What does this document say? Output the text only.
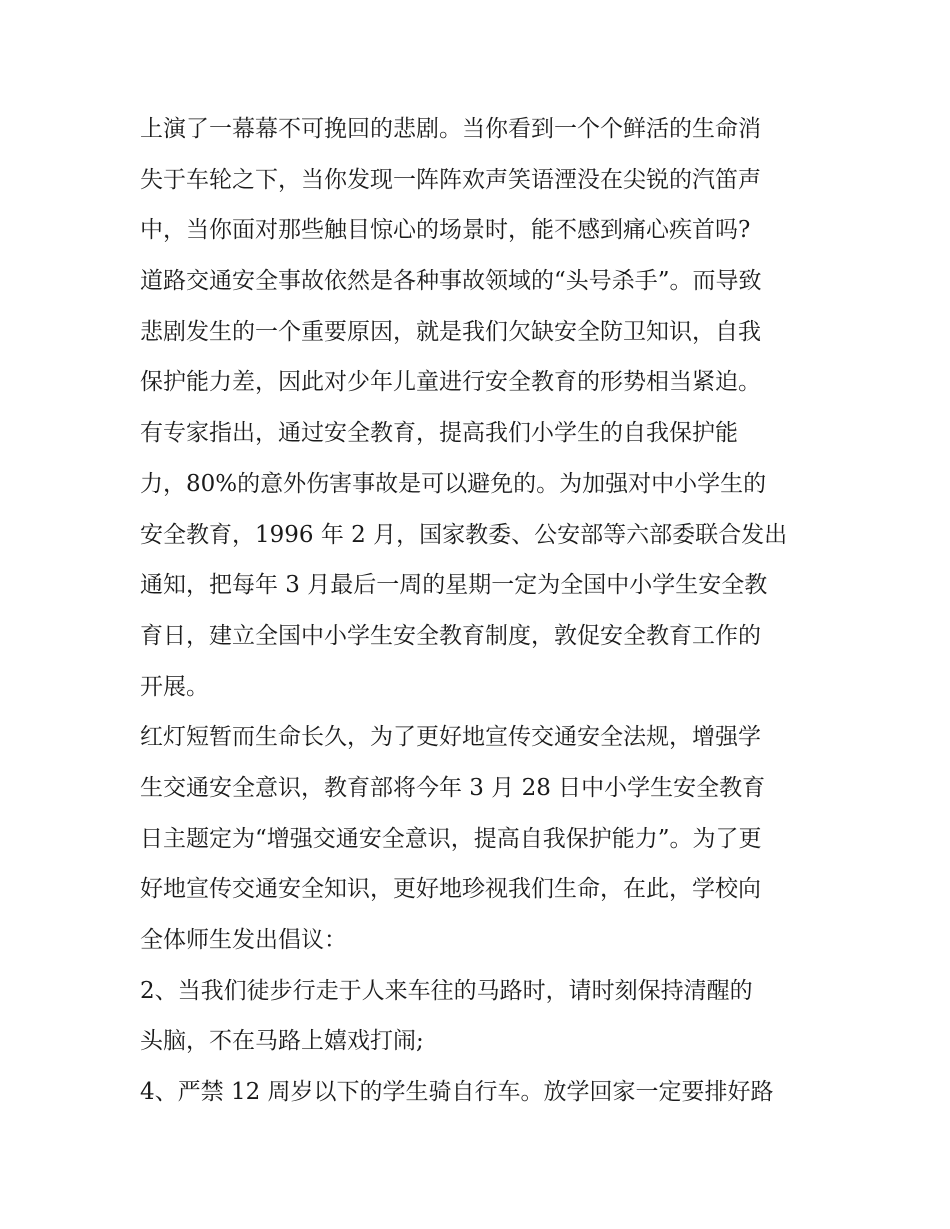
上演了一幕幕不可挽回的悲剧。当你看到一个个鲜活的生命消
失于车轮之下，当你发现一阵阵欢声笑语湮没在尖锐的汽笛声
中，当你面对那些触目惊心的场景时，能不感到痛心疾首吗?
道路交通安全事故依然是各种事故领域的“头号杀手”。而导致
悲剧发生的一个重要原因，就是我们欠缺安全防卫知识，自我
保护能力差，因此对少年儿童进行安全教育的形势相当紧迫。
有专家指出，通过安全教育，提高我们小学生的自我保护能
力，80%的意外伤害事故是可以避免的。为加强对中小学生的
安全教育，1996 年 2 月，国家教委、公安部等六部委联合发出
通知，把每年 3 月最后一周的星期一定为全国中小学生安全教
育日，建立全国中小学生安全教育制度，敦促安全教育工作的
开展。
红灯短暂而生命长久，为了更好地宣传交通安全法规，增强学
生交通安全意识，教育部将今年 3 月 28 日中小学生安全教育
日主题定为“增强交通安全意识，提高自我保护能力”。为了更
好地宣传交通安全知识，更好地珍视我们生命，在此，学校向
全体师生发出倡议：
2、当我们徒步行走于人来车往的马路时，请时刻保持清醒的
头脑，不在马路上嬉戏打闹;
4、严禁 12 周岁以下的学生骑自行车。放学回家一定要排好路
